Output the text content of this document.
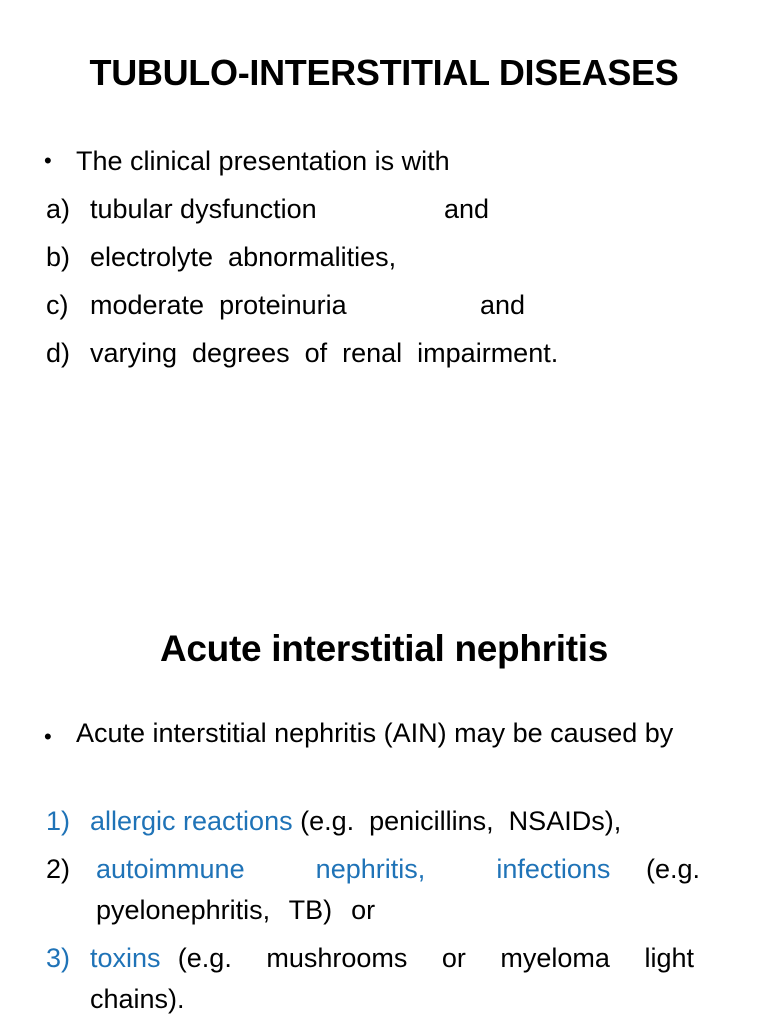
TUBULO-INTERSTITIAL DISEASES
• The clinical presentation is with
a) tubular dysfunction	and
b) electrolyte  abnormalities,
c) moderate  proteinuria	and
d) varying  degrees  of  renal  impairment.
Acute interstitial nephritis
• Acute interstitial nephritis (AIN) may be caused by
1) allergic reactions (e.g.  penicillins,  NSAIDs),
2) autoimmune  nephritis,  infections (e.g. pyelonephritis,  TB)  or
3) toxins (e.g.  mushrooms  or  myeloma  light chains).
